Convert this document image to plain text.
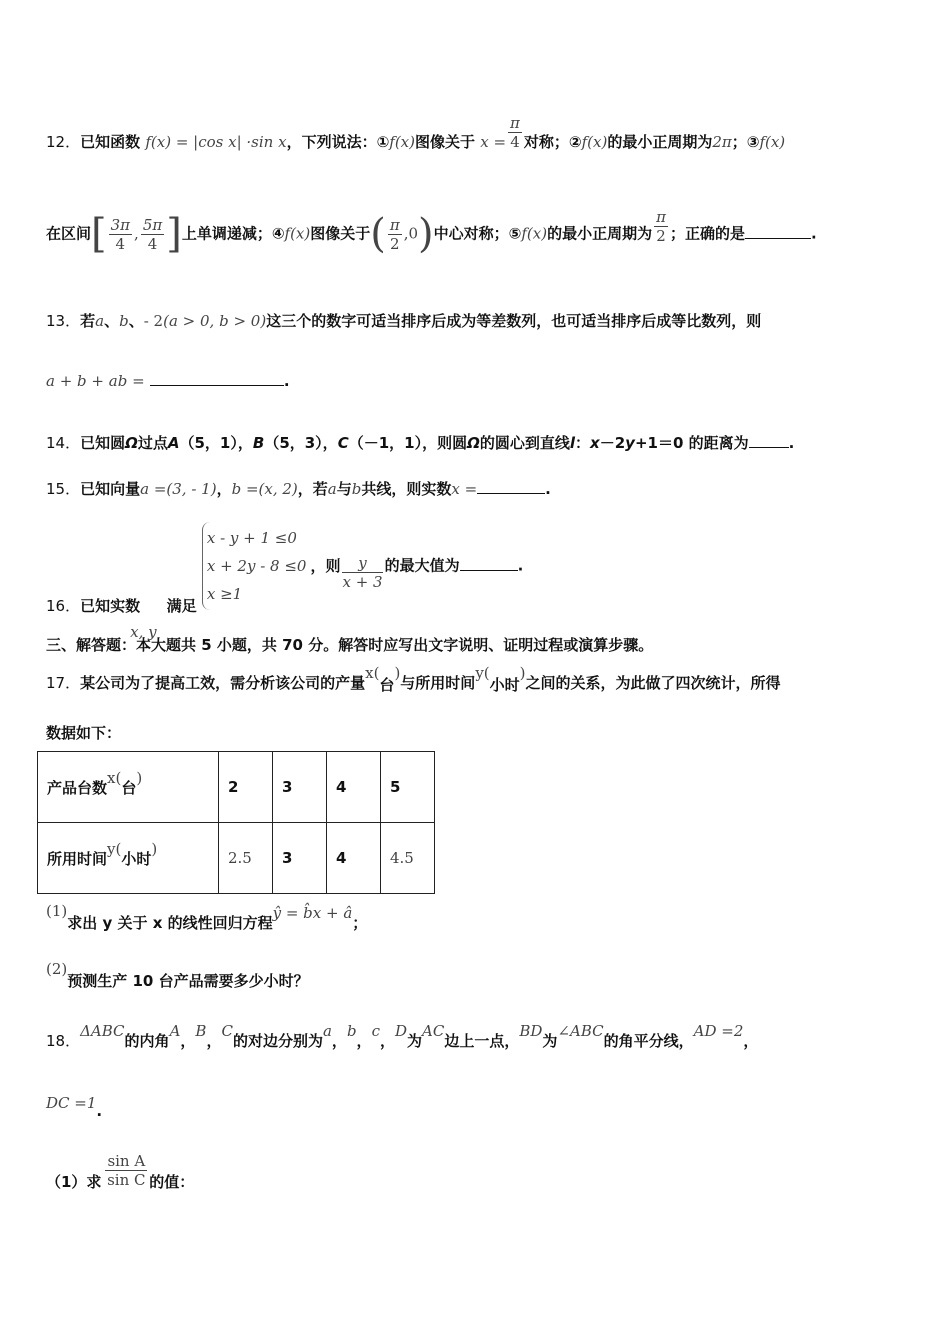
12．已知函数 f(x) = |cos x| ·sin x，下列说法：①f(x)图像关于 $x = \frac{\pi}{4}$ 对称；②f(x)的最小正周期为2π；③f(x)
在区间[ $\frac{3\pi}{4}$ , $\frac{5\pi}{4}$ ]上单调递减；④f(x)图像关于( $\frac{\pi}{2} ,0$)中心对称；⑤f(x)的最小正周期为 $\frac{\pi}{2}$ ；正确的是	.
13．若a、b、- 2(a > 0, b > 0)这三个的数字可适当排序后成为等差数列，也可适当排序后成等比数列，则
a + b + ab =	.
14．已知圆Ω过点A（5，1），B（5，3），C（－1，1），则圆Ω的圆心到直线l：x－2y+1＝0 的距离为	.
15．已知向量a =(3, - 1)，b =(x, 2)，若a与b共线，则实数x =	.
16．已知实数x, y满足
x - y + 1 ≤0
x + 2y - 8 ≤0
x ≥1
，则 $\frac{y}{x + 3}$ 的最大值为	.
三、解答题：本大题共 5 小题，共 70 分。解答时应写出文字说明、证明过程或演算步骤。
17．某公司为了提高工效，需分析该公司的产量x(台)与所用时间y(小时)之间的关系，为此做了四次统计，所得
数据如下：
产品台数x(台)	2	3	4	5
所用时间y(小时)	2.5	3	4	4.5
(1)求出 y 关于 x 的线性回归方程ŷ = b̂x + â；
(2)预测生产 10 台产品需要多少小时？
18．ΔABC的内角A，B，C的对边分别为a，b，c，D为AC边上一点，BD为∠ABC的角平分线，AD =2，
DC =1.
（1）求 $\frac{\text{sin A}}{\text{sin C}}$ 的值：
